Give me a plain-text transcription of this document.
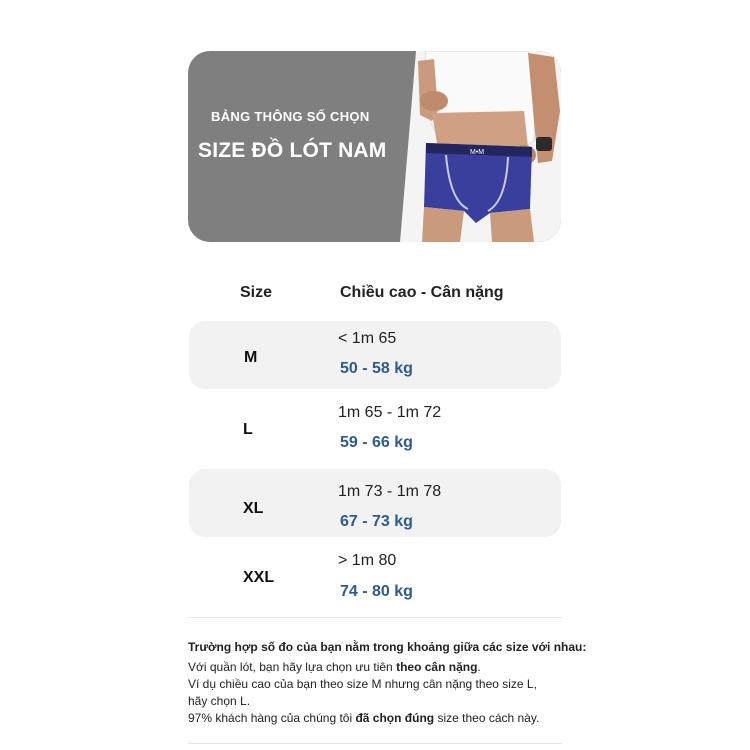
M•M
BẢNG THÔNG SỐ CHỌN
SIZE ĐỒ LÓT NAM
Size	Chiều cao - Cân nặng
M
< 1m 65
50 - 58 kg
L
1m 65 - 1m 72
59 - 66 kg
XL
1m 73 - 1m 78
67 - 73 kg
XXL
> 1m 80
74 - 80 kg
Trường hợp số đo của bạn nằm trong khoảng giữa các size với nhau:
Với quần lót, bạn hãy lựa chọn ưu tiên theo cân nặng.
Ví dụ chiều cao của bạn theo size M nhưng cân nặng theo size L,
hãy chọn L.
97% khách hàng của chúng tôi đã chọn đúng size theo cách này.
